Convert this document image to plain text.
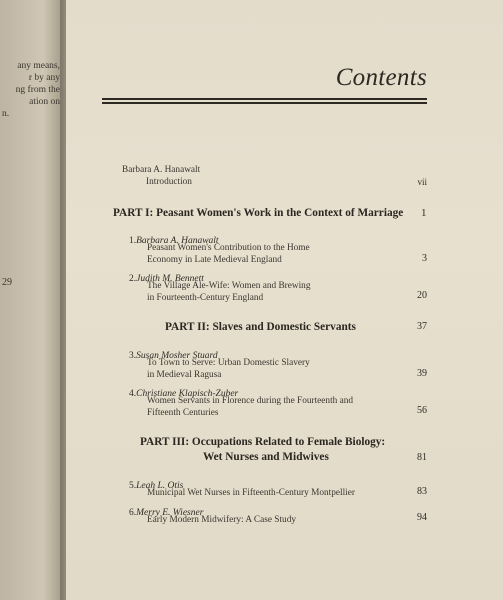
any means,
r by any
ng from the
ation on
n.
29
Contents
Barbara A. Hanawalt
Introduction	vii
PART I: Peasant Women's Work in the Context of Marriage 1
1.Barbara A. Hanawalt
Peasant Women's Contribution to the Home
Economy in Late Medieval England	3
2.Judith M. Bennett
The Village Ale-Wife: Women and Brewing
in Fourteenth-Century England	20
PART II: Slaves and Domestic Servants	37
3.Susan Mosher Stuard
To Town to Serve: Urban Domestic Slavery
in Medieval Ragusa	39
4.Christiane Klapisch-Zuber
Women Servants in Florence during the Fourteenth and
Fifteenth Centuries	56
PART III: Occupations Related to Female Biology:
Wet Nurses and Midwives	81
5.Leah L. Otis
Municipal Wet Nurses in Fifteenth-Century Montpellier	83
6.Merry E. Wiesner
Early Modern Midwifery: A Case Study	94
